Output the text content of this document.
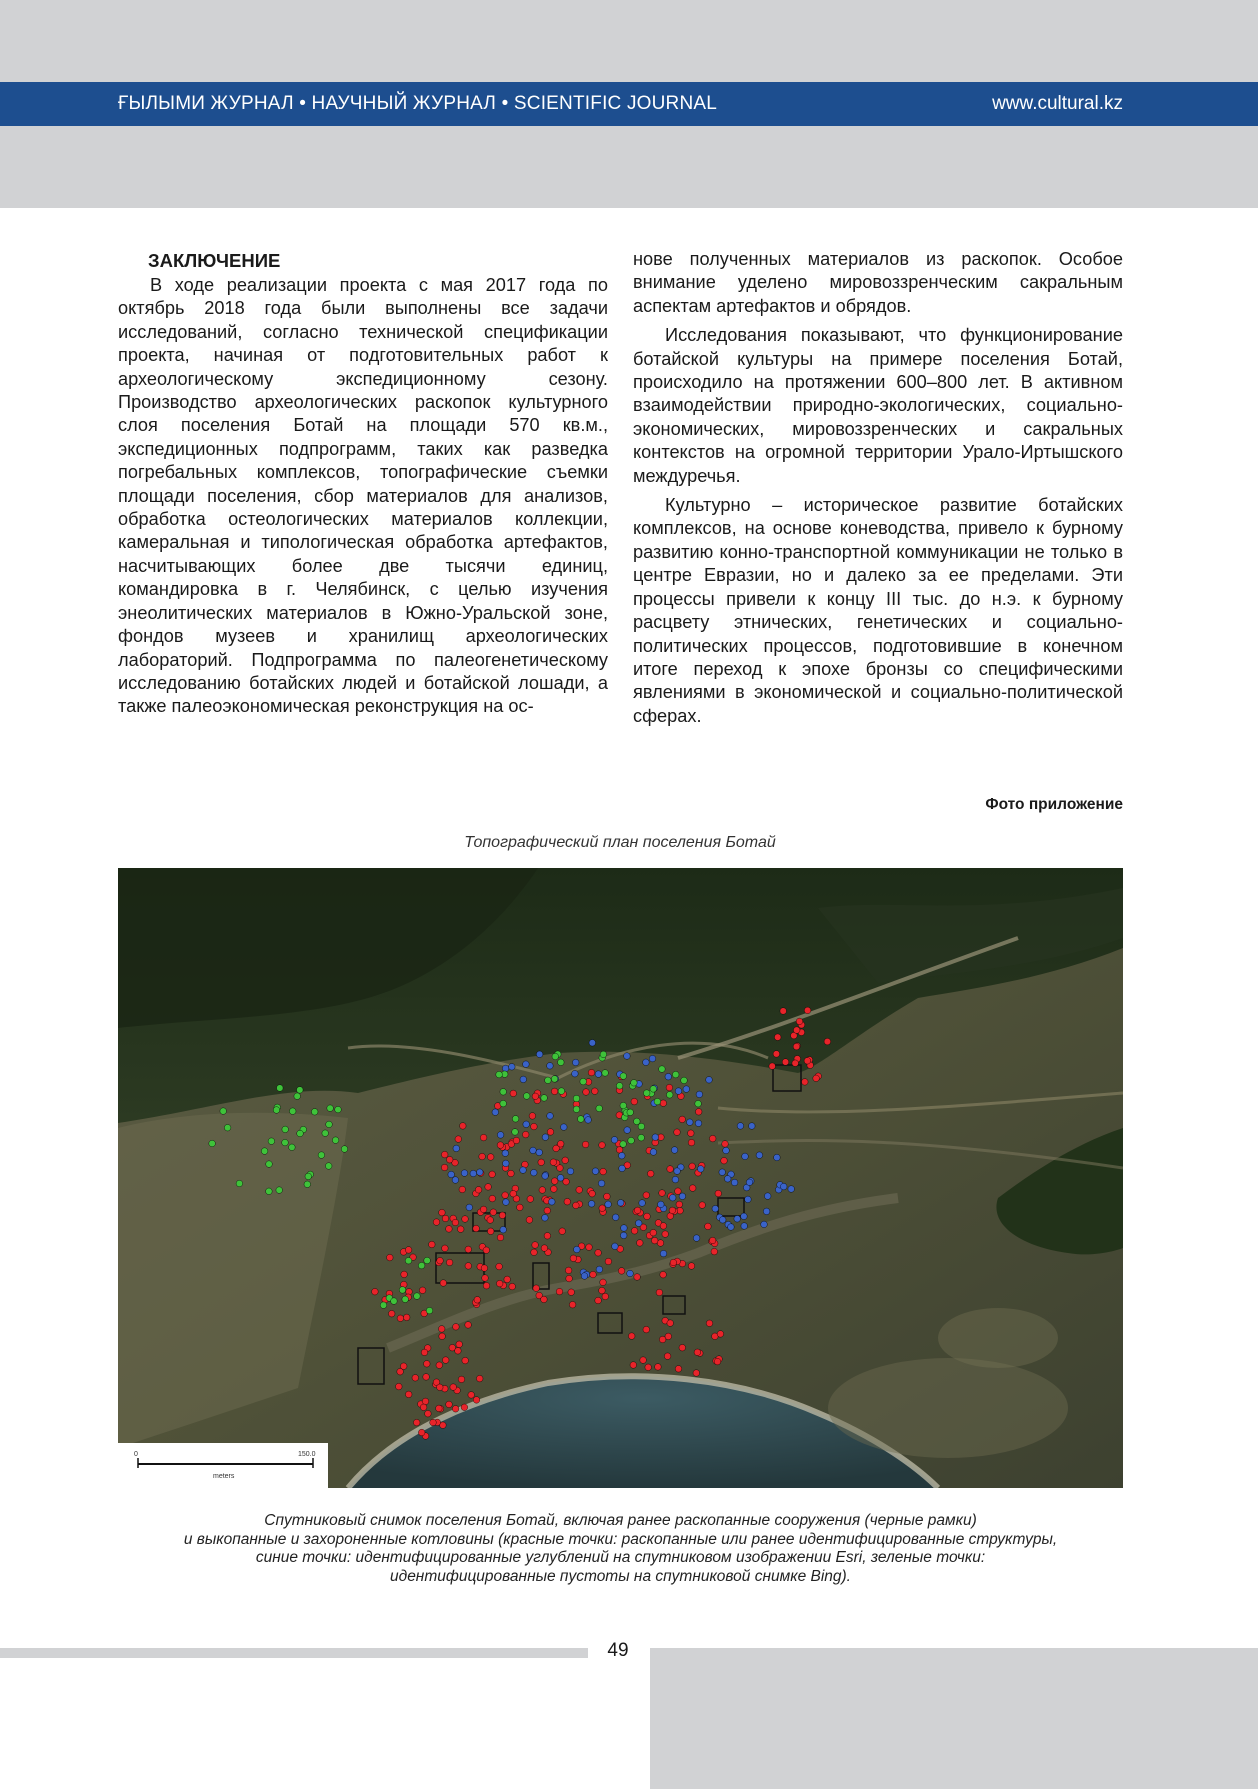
ҒЫЛЫМИ ЖУРНАЛ • НАУЧНЫЙ ЖУРНАЛ • SCIENTIFIC JOURNAL	www.cultural.kz
ЗАКЛЮЧЕНИЕ

В ходе реализации проекта с мая 2017 года по октябрь 2018 года были выполнены все задачи исследований, согласно технической спецификации проекта, начиная от подготовительных работ к археологическому экспедиционному сезону. Производство археологических раскопок культурного слоя поселения Ботай на площади 570 кв.м., экспедиционных подпрограмм, таких как разведка погребальных комплексов, топографические съемки площади поселения, сбор материалов для анализов, обработка остеологических материалов коллекции, камеральная и типологическая обработка артефактов, насчитывающих более две тысячи единиц, командировка в г. Челябинск, с целью изучения энеолитических материалов в Южно-Уральской зоне, фондов музеев и хранилищ археологических лабораторий. Подпрограмма по палеогенетическому исследованию ботайских людей и ботайской лошади, а также палеоэкономическая реконструкция на ос-

нове полученных материалов из раскопок. Особое внимание уделено мировоззренческим сакральным аспектам артефактов и обрядов.

Исследования показывают, что функционирование ботайской культуры на примере поселения Ботай, происходило на протяжении 600–800 лет. В активном взаимодействии природно-экологических, социально-экономических, мировоззренческих и сакральных контекстов на огромной территории Урало-Иртышского междуречья.

Культурно – историческое развитие ботайских комплексов, на основе коневодства, привело к бурному развитию конно-транспортной коммуникации не только в центре Евразии, но и далеко за ее пределами. Эти процессы привели к концу III тыс. до н.э. к бурному расцвету этнических, генетических и социально-политических процессов, подготовившие в конечном итоге переход к эпохе бронзы со специфическими явлениями в экономической и социально-политической сферах.

Фото приложение
Топографический план поселения Ботай
0	150.0
meters
Спутниковый снимок поселения Ботай, включая ранее раскопанные сооружения (черные рамки)
и выкопанные и захороненные котловины (красные точки: раскопанные или ранее идентифицированные структуры,
синие точки: идентифицированные углублений на спутниковом изображении Esri, зеленые точки:
идентифицированные пустоты на спутниковой снимке Bing).
49
